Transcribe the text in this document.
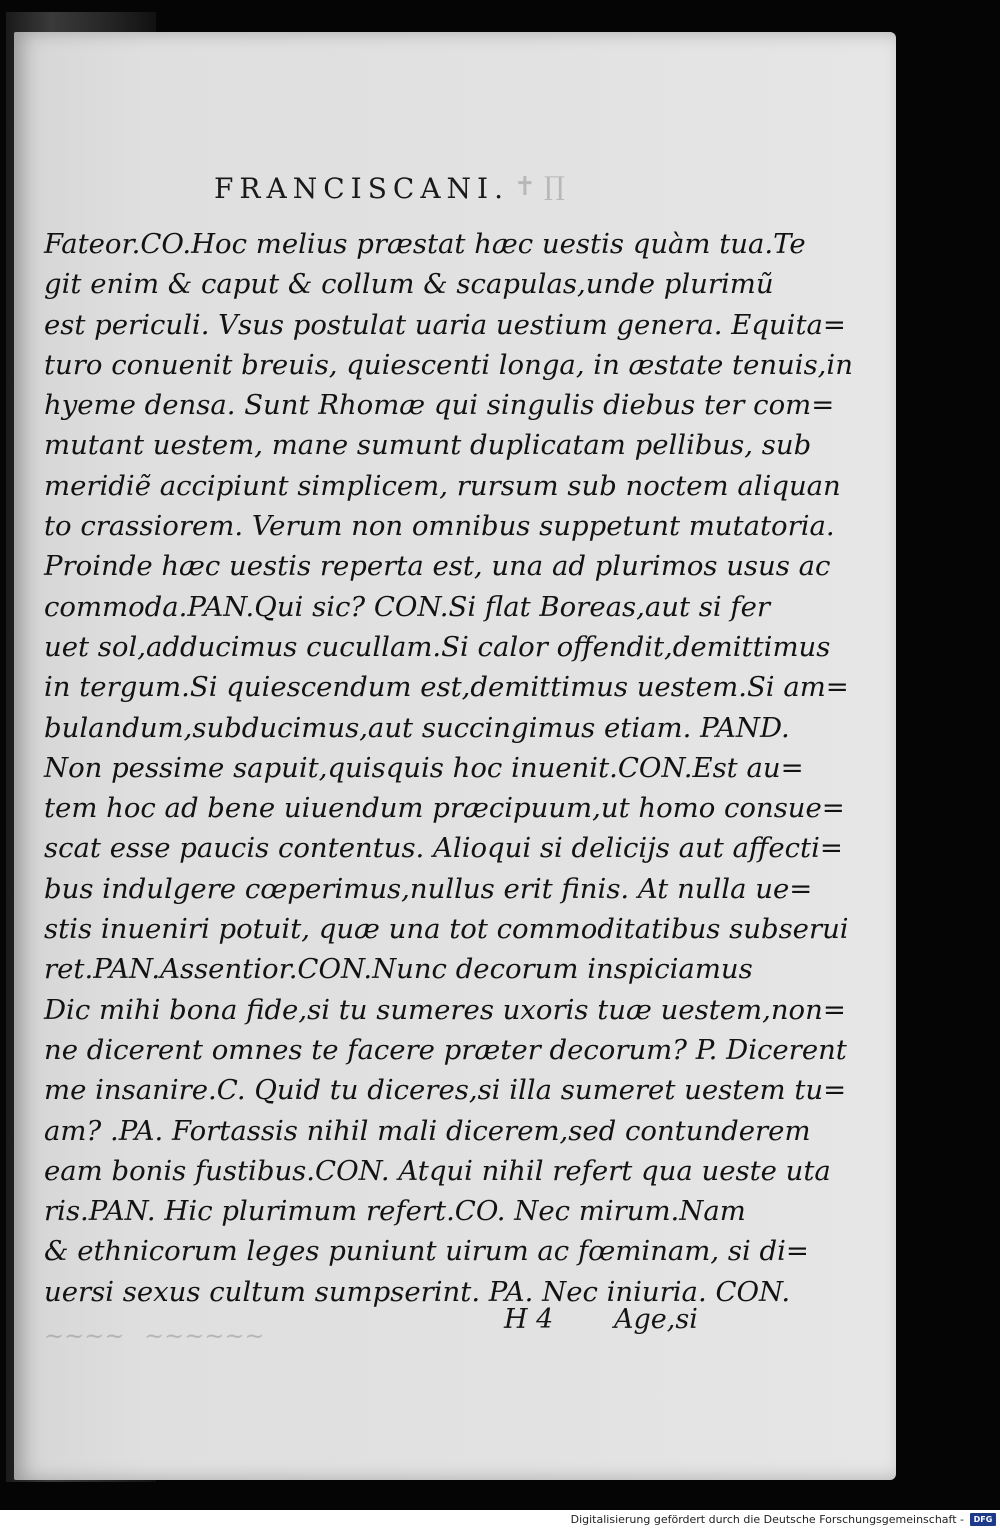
FRANCISCANI. ✝ ∏
~~~~ ~~~~~~
Fateor.CO.Hoc melius præstat hæc uestis quàm tua.Te
git enim & caput & collum & scapulas,unde plurimũ
est periculi. Vsus postulat uaria uestium genera. Equita=
turo conuenit breuis, quiescenti longa, in æstate tenuis,in
hyeme densa. Sunt Rhomæ qui singulis diebus ter com=
mutant uestem, mane sumunt duplicatam pellibus, sub
meridiẽ accipiunt simplicem, rursum sub noctem aliquan
to crassiorem. Verum non omnibus suppetunt mutatoria.
Proinde hæc uestis reperta est, una ad plurimos usus ac
commoda.PAN.Qui sic? CON.Si flat Boreas,aut si fer
uet sol,adducimus cucullam.Si calor offendit,demittimus
in tergum.Si quiescendum est,demittimus uestem.Si am=
bulandum,subducimus,aut succingimus etiam. PAND.
Non pessime sapuit,quisquis hoc inuenit.CON.Est au=
tem hoc ad bene uiuendum præcipuum,ut homo consue=
scat esse paucis contentus. Alioqui si delicijs aut affecti=
bus indulgere cœperimus,nullus erit finis. At nulla ue=
stis inueniri potuit, quæ una tot commoditatibus subserui
ret.PAN.Assentior.CON.Nunc decorum inspiciamus
Dic mihi bona fide,si tu sumeres uxoris tuæ uestem,non=
ne dicerent omnes te facere præter decorum? P. Dicerent
me insanire.C. Quid tu diceres,si illa sumeret uestem tu=
am? .PA. Fortassis nihil mali dicerem,sed contunderem
eam bonis fustibus.CON. Atqui nihil refert qua ueste uta
ris.PAN. Hic plurimum refert.CO. Nec mirum.Nam
& ethnicorum leges puniunt uirum ac fœminam, si di=
uersi sexus cultum sumpserint. PA. Nec iniuria. CON.
H 4 Age,si
Digitalisierung gefördert durch die Deutsche Forschungsgemeinschaft -	DFG
